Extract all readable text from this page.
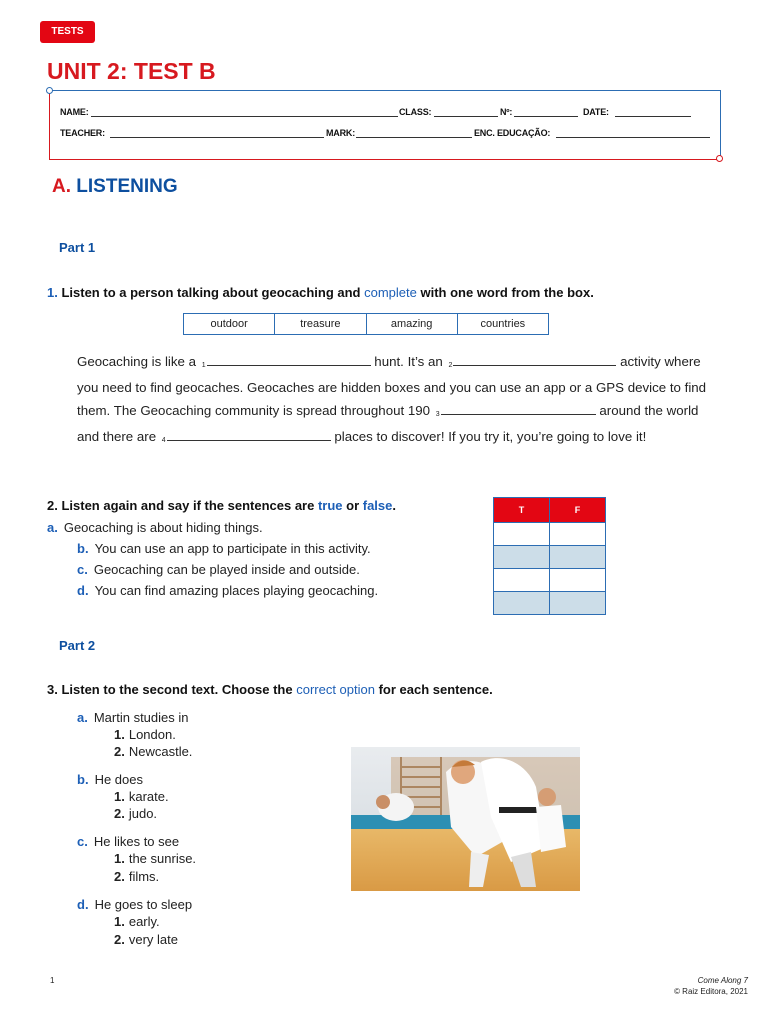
TESTS
UNIT 2: TEST B
NAME:	CLASS:	Nº:	DATE:
TEACHER:	MARK:	ENC. EDUCAÇÃO:
A. LISTENING
Part 1
1. Listen to a person talking about geocaching and complete with one word from the box.
outdoor	treasure	amazing	countries
Geocaching is like a 1	hunt. It’s an 2	activity where you need to find geocaches. Geocaches are hidden boxes and you can use an app or a GPS device to find them. The Geocaching community is spread throughout 190 3	around the world and there are 4	places to discover! If you try it, you’re going to love it!
2. Listen again and say if the sentences are true or false.
a. Geocaching is about hiding things.
b. You can use an app to participate in this activity.
c. Geocaching can be played inside and outside.
d. You can find amazing places playing geocaching.
T	F

Part 2
3. Listen to the second text. Choose the correct option for each sentence.
a. Martin studies in
1. London.
2. Newcastle.
b. He does
1. karate.
2. judo.
c. He likes to see
1. the sunrise.
2. films.
d. He goes to sleep
1. early.
2. very late
1	Come Along 7
© Raiz Editora, 2021
